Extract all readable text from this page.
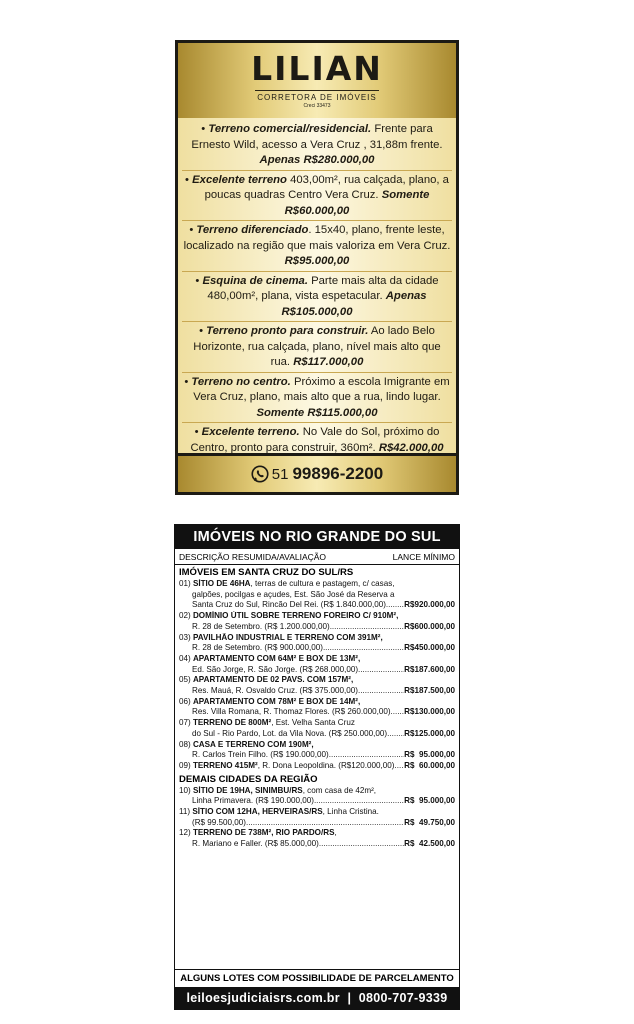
LILIAN
CORRETORA DE IMÓVEIS
Creci 33473
• Terreno comercial/residencial. Frente para Ernesto Wild, acesso a Vera Cruz , 31,88m frente. Apenas R$280.000,00
• Excelente terreno 403,00m², rua calçada, plano, a poucas quadras Centro Vera Cruz. Somente R$60.000,00
• Terreno diferenciado. 15x40, plano, frente leste, localizado na região que mais valoriza em Vera Cruz. R$95.000,00
• Esquina de cinema. Parte mais alta da cidade 480,00m², plana, vista espetacular. Apenas R$105.000,00
• Terreno pronto para construir. Ao lado Belo Horizonte, rua calçada, plano, nível mais alto que rua. R$117.000,00
• Terreno no centro. Próximo a escola Imigrante em Vera Cruz, plano, mais alto que a rua, lindo lugar. Somente R$115.000,00
• Excelente terreno. No Vale do Sol, próximo do Centro, pronto para construir, 360m². R$42.000,00
51 99896-2200
IMÓVEIS NO RIO GRANDE DO SUL
DESCRIÇÃO RESUMIDA/AVALIAÇÃO	LANCE MÍNIMO
IMÓVEIS EM SANTA CRUZ DO SUL/RS
01) SÍTIO DE 46HA, terras de cultura e pastagem, c/ casas,
galpões, pocilgas e açudes, Est. São José da Reserva a
Santa Cruz do Sul, Rincão Del Rei. (R$ 1.840.000,00) ..... R$920.000,00
02) DOMÍNIO ÚTIL SOBRE TERRENO FOREIRO C/ 910M²,
R. 28 de Setembro. (R$ 1.200.000,00) .....	R$600.000,00
03) PAVILHÃO INDUSTRIAL E TERRENO COM 391M²,
R. 28 de Setembro. (R$ 900.000,00) .....	R$450.000,00
04) APARTAMENTO COM 64M² E BOX DE 13M²,
Ed. São Jorge, R. São Jorge. (R$ 268.000,00) .....	R$187.600,00
05) APARTAMENTO DE 02 PAVS. COM 157M²,
Res. Mauá, R. Osvaldo Cruz. (R$ 375.000,00) .....	R$187.500,00
06) APARTAMENTO COM 78M² E BOX DE 14M²,
Res. Villa Romana, R. Thomaz Flores. (R$ 260.000,00) ..... R$130.000,00
07) TERRENO DE 800M², Est. Velha Santa Cruz
do Sul - Rio Pardo, Lot. da Vila Nova. (R$ 250.000,00) ..... R$125.000,00
08) CASA E TERRENO COM 190M²,
R. Carlos Trein Filho. (R$ 190.000,00) .....	R$  95.000,00
09) TERRENO 415M², R. Dona Leopoldina. (R$120.000,00) ..... R$  60.000,00
DEMAIS CIDADES DA REGIÃO
10) SÍTIO DE 19HA, SINIMBU/RS, com casa de 42m²,
Linha Primavera. (R$ 190.000,00) .....	R$  95.000,00
11) SÍTIO COM 12HA, HERVEIRAS/RS, Linha Cristina.
(R$ 99.500,00) .....	R$  49.750,00
12) TERRENO DE 738M², RIO PARDO/RS,
R. Mariano e Faller. (R$ 85.000,00) .....	R$  42.500,00
ALGUNS LOTES COM POSSIBILIDADE DE PARCELAMENTO
leiloesjudiciaisrs.com.br  |  0800-707-9339
